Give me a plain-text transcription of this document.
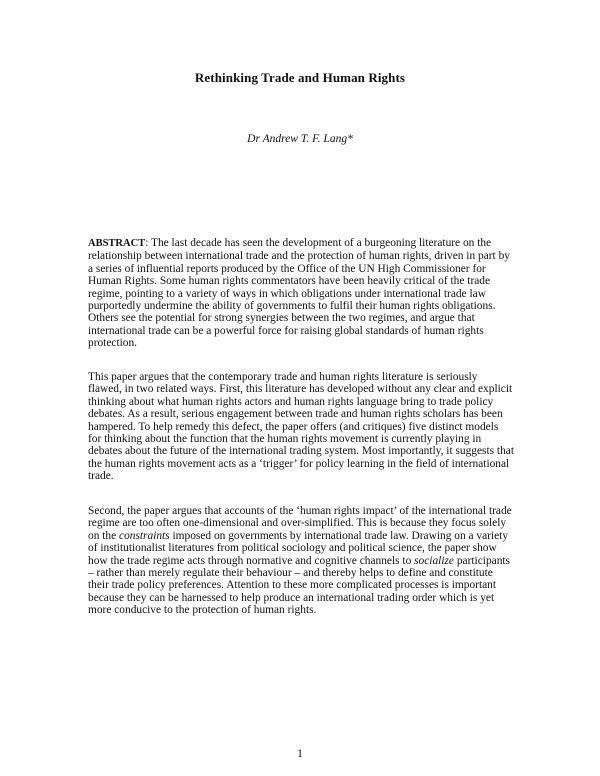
Rethinking Trade and Human Rights
Dr Andrew T. F. Lang*
ABSTRACT: The last decade has seen the development of a burgeoning literature on the relationship between international trade and the protection of human rights, driven in part by a series of influential reports produced by the Office of the UN High Commissioner for Human Rights. Some human rights commentators have been heavily critical of the trade regime, pointing to a variety of ways in which obligations under international trade law purportedly undermine the ability of governments to fulfil their human rights obligations. Others see the potential for strong synergies between the two regimes, and argue that international trade can be a powerful force for raising global standards of human rights protection.
This paper argues that the contemporary trade and human rights literature is seriously flawed, in two related ways. First, this literature has developed without any clear and explicit thinking about what human rights actors and human rights language bring to trade policy debates. As a result, serious engagement between trade and human rights scholars has been hampered. To help remedy this defect, the paper offers (and critiques) five distinct models for thinking about the function that the human rights movement is currently playing in debates about the future of the international trading system. Most importantly, it suggests that the human rights movement acts as a ‘trigger’ for policy learning in the field of international trade.
Second, the paper argues that accounts of the ‘human rights impact’ of the international trade regime are too often one-dimensional and over-simplified. This is because they focus solely on the constraints imposed on governments by international trade law. Drawing on a variety of institutionalist literatures from political sociology and political science, the paper show how the trade regime acts through normative and cognitive channels to socialize participants – rather than merely regulate their behaviour – and thereby helps to define and constitute their trade policy preferences. Attention to these more complicated processes is important because they can be harnessed to help produce an international trading order which is yet more conducive to the protection of human rights.
1
